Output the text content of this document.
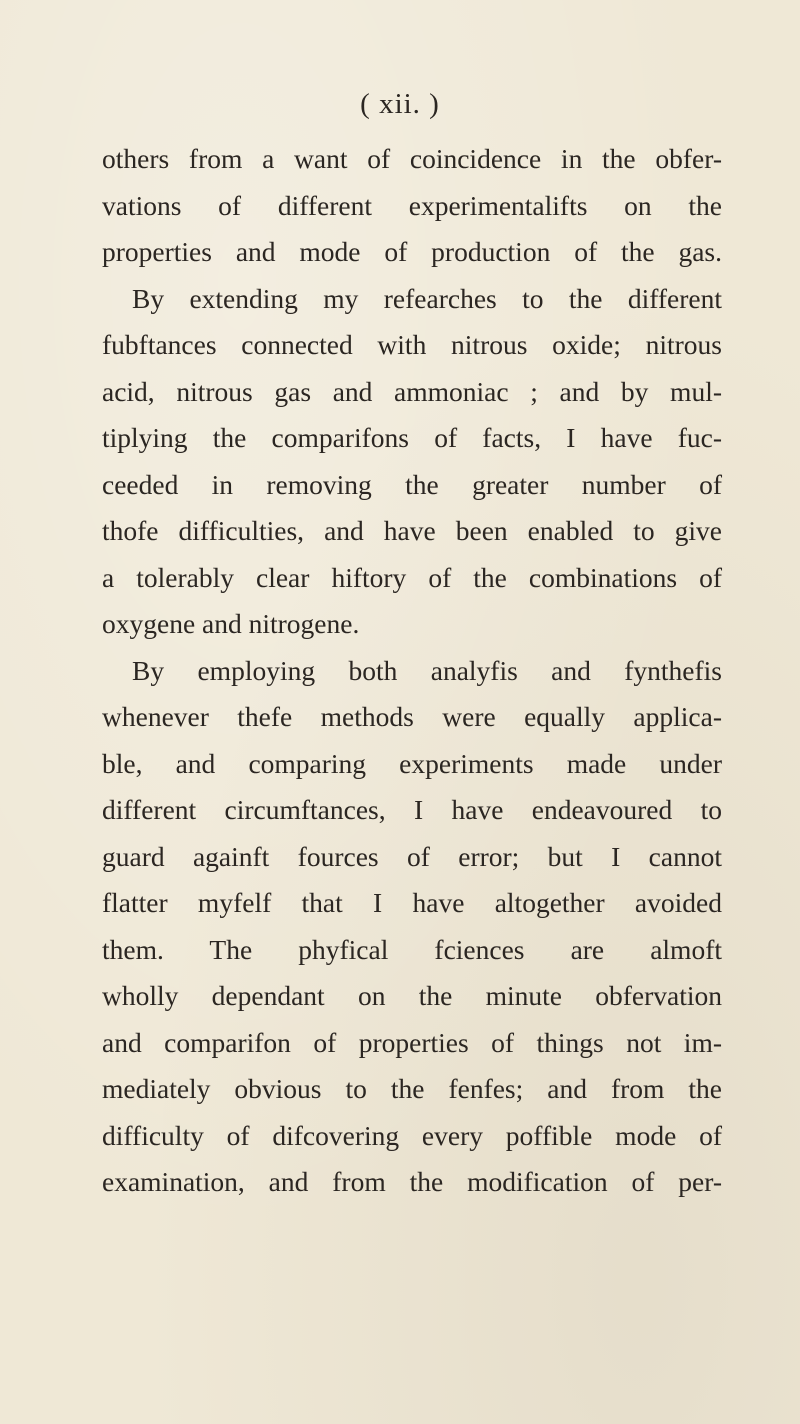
( xii. )
others from a want of coincidence in the obfer-
vations of different experimentalifts on the
properties and mode of production of the gas.
By extending my refearches to the different
fubftances connected with nitrous oxide; nitrous
acid, nitrous gas and ammoniac ; and by mul-
tiplying the comparifons of facts, I have fuc-
ceeded in removing the greater number of
thofe difficulties, and have been enabled to give
a tolerably clear hiftory of the combinations of
oxygene and nitrogene.
By employing both analyfis and fynthefis
whenever thefe methods were equally applica-
ble, and comparing experiments made under
different circumftances, I have endeavoured to
guard againft fources of error; but I cannot
flatter myfelf that I have altogether avoided
them. The phyfical fciences are almoft
wholly dependant on the minute obfervation
and comparifon of properties of things not im-
mediately obvious to the fenfes; and from the
difficulty of difcovering every poffible mode of
examination, and from the modification of per-
